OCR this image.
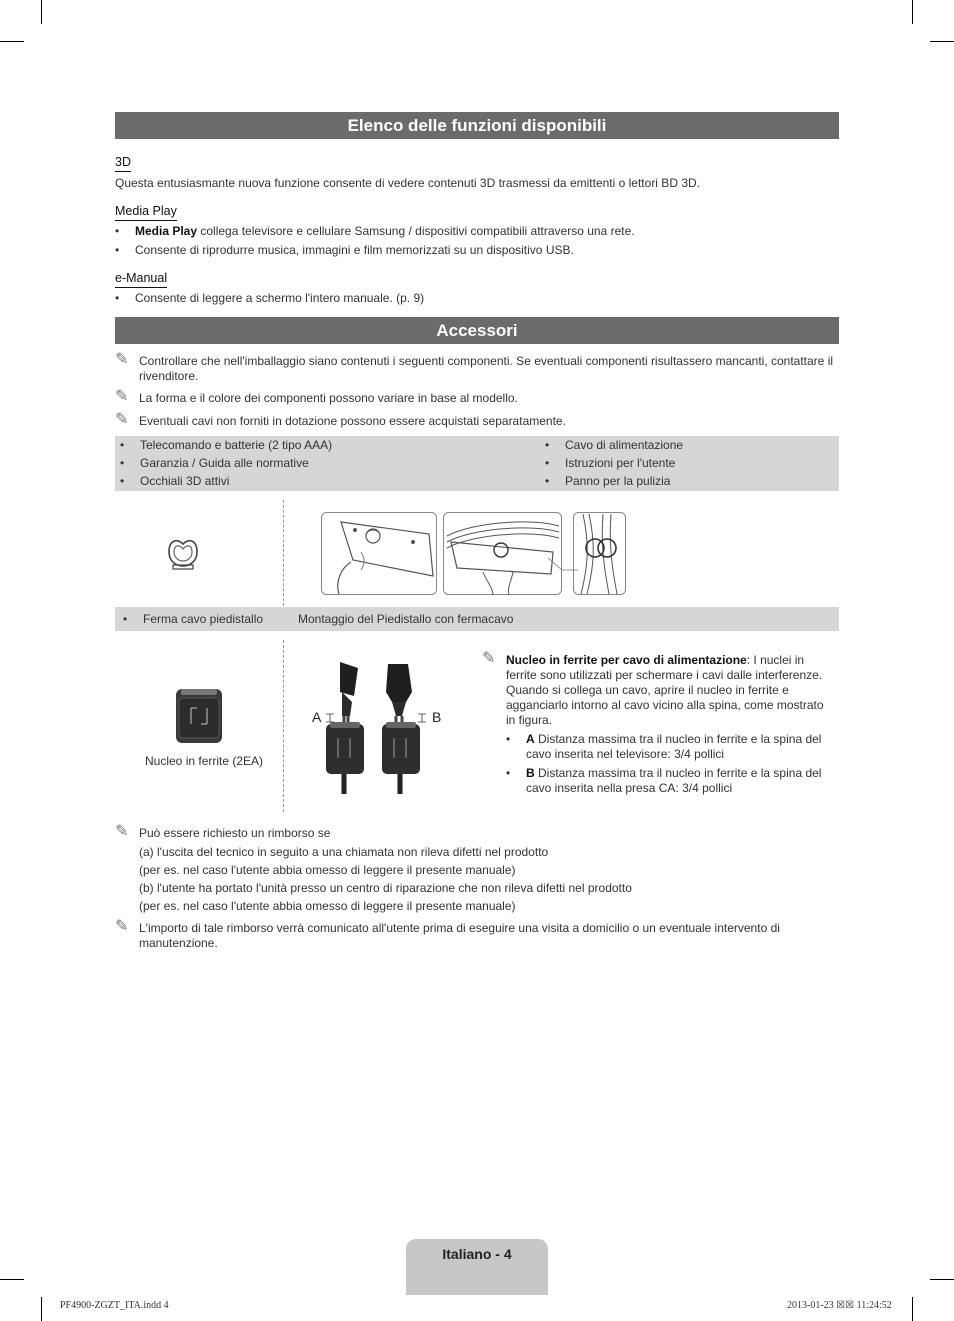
Elenco delle funzioni disponibili
3D
Questa entusiasmante nuova funzione consente di vedere contenuti 3D trasmessi da emittenti o lettori BD 3D.
Media Play
• Media Play collega televisore e cellulare Samsung / dispositivi compatibili attraverso una rete.
• Consente di riprodurre musica, immagini e film memorizzati su un dispositivo USB.
e-Manual
• Consente di leggere a schermo l'intero manuale. (p. 9)
Accessori
✎ Controllare che nell'imballaggio siano contenuti i seguenti componenti. Se eventuali componenti risultassero mancanti, contattare il rivenditore.
✎ La forma e il colore dei componenti possono variare in base al modello.
✎ Eventuali cavi non forniti in dotazione possono essere acquistati separatamente.
• Telecomando e batterie (2 tipo AAA)
• Garanzia / Guida alle normative
• Occhiali 3D attivi
• Cavo di alimentazione
• Istruzioni per l'utente
• Panno per la pulizia
• Ferma cavo piedistallo	Montaggio del Piedistallo con fermacavo
Nucleo in ferrite (2EA)
A	B
✎ Nucleo in ferrite per cavo di alimentazione: I nuclei in ferrite sono utilizzati per schermare i cavi dalle interferenze. Quando si collega un cavo, aprire il nucleo in ferrite e agganciarlo intorno al cavo vicino alla spina, come mostrato in figura.
• A Distanza massima tra il nucleo in ferrite e la spina del cavo inserita nel televisore: 3/4 pollici
• B Distanza massima tra il nucleo in ferrite e la spina del cavo inserita nella presa CA: 3/4 pollici
✎ Può essere richiesto un rimborso se
(a) l'uscita del tecnico in seguito a una chiamata non rileva difetti nel prodotto
(per es. nel caso l'utente abbia omesso di leggere il presente manuale)
(b) l'utente ha portato l'unità presso un centro di riparazione che non rileva difetti nel prodotto
(per es. nel caso l'utente abbia omesso di leggere il presente manuale)
✎ L'importo di tale rimborso verrà comunicato all'utente prima di eseguire una visita a domicilio o un eventuale intervento di manutenzione.
Italiano - 4
PF4900-ZGZT_ITA.indd 4	2013-01-23 ☒☒ 11:24:52
